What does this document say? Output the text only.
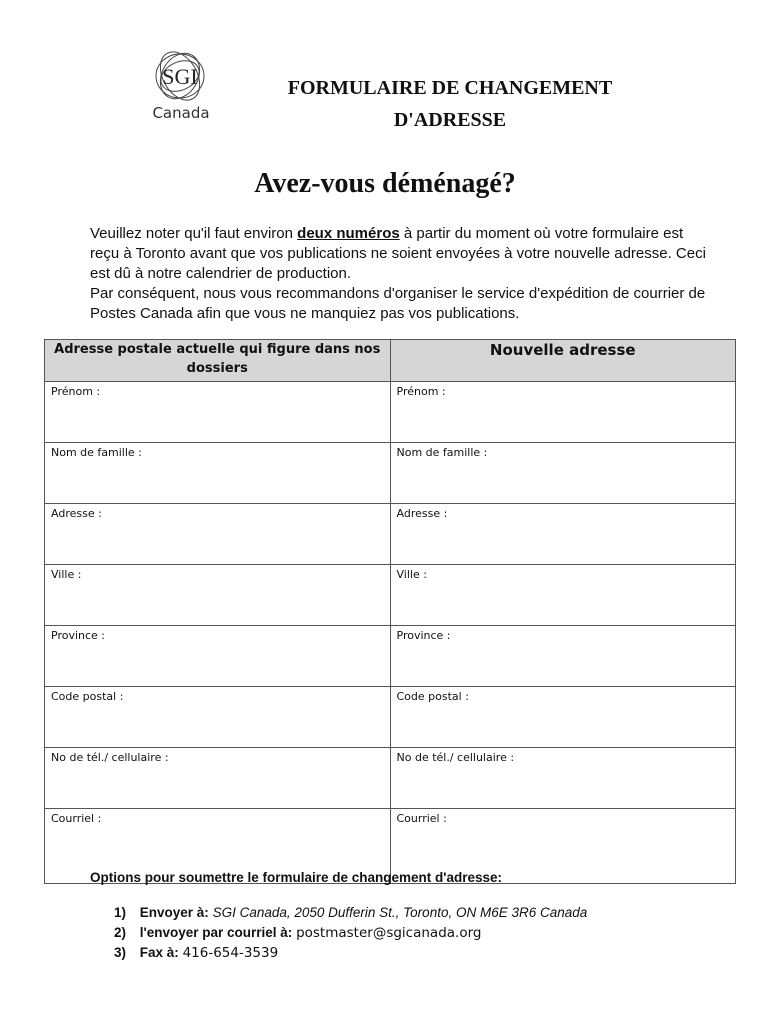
SGI
Canada
FORMULAIRE DE CHANGEMENT
D'ADRESSE
Avez-vous déménagé?
Veuillez noter qu'il faut environ deux numéros à partir du moment où votre formulaire est reçu à Toronto avant que vos publications ne soient envoyées à votre nouvelle adresse. Ceci est dû à notre calendrier de production.
Par conséquent, nous vous recommandons d'organiser le service d'expédition de courrier de Postes Canada afin que vous ne manquiez pas vos publications.
Adresse postale actuelle qui figure dans nos dossiers	Nouvelle adresse
Prénom :	Prénom :
Nom de famille :	Nom de famille :
Adresse :	Adresse :
Ville :	Ville :
Province :	Province :
Code postal :	Code postal :
No de tél./ cellulaire :	No de tél./ cellulaire :
Courriel :	Courriel :
Options pour soumettre le formulaire de changement d'adresse:
1) Envoyer à: SGI Canada, 2050 Dufferin St., Toronto, ON M6E 3R6 Canada
2) l'envoyer par courriel à: postmaster@sgicanada.org
3) Fax à: 416-654-3539
